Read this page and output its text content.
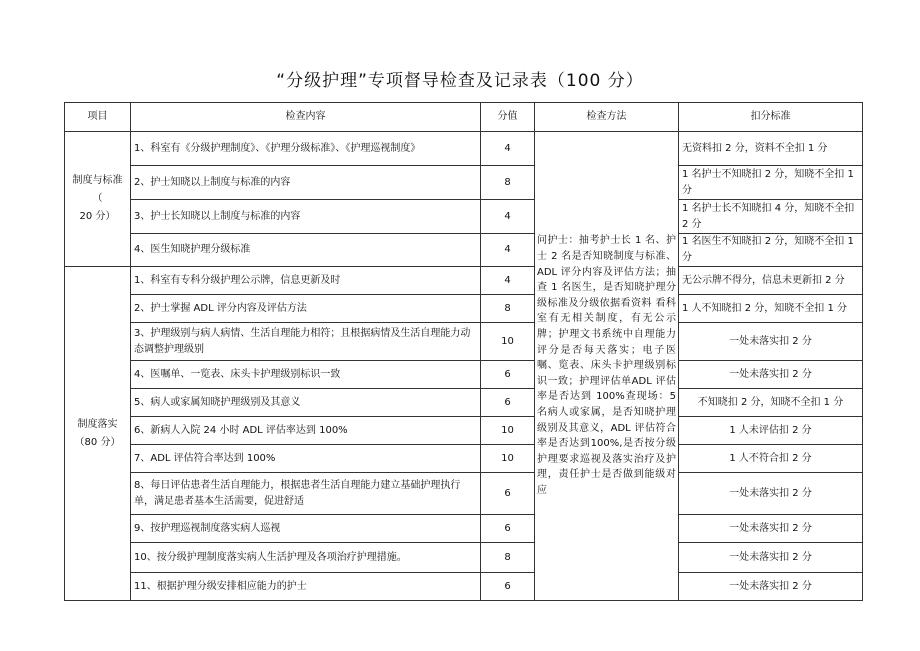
“分级护理”专项督导检查及记录表（100 分）
项目	检查内容	分值	检查方法	扣分标准
制度与标准（
20 分）	1、科室有《分级护理制度》、《护理分级标准》、《护理巡视制度》	4	问护士：抽考护士长 1 名、护士 2 名是否知晓制度与标准、ADL 评分内容及评估方法；抽查 1 名医生，是否知晓护理分级标准及分级依据看资料 看科室有无相关制度，有无公示牌；护理文书系统中自理能力评分是否每天落实；电子医嘱、览表、床头卡护理级别标识一致；护理评估单ADL 评估率是否达到 100%查现场：5 名病人或家属，是否知晓护理级别及其意义，ADL 评估符合率是否达到100%,是否按分级护理要求巡视及落实治疗及护理，责任护士是否做到能级对应	无资料扣 2 分，资料不全扣 1 分
	2、护士知晓以上制度与标准的内容	8		1 名护士不知晓扣 2 分，知晓不全扣 1 分
	3、护士长知晓以上制度与标准的内容	4		1 名护士长不知晓扣 4 分，知晓不全扣 2 分
	4、医生知晓护理分级标准	4		1 名医生不知晓扣 2 分，知晓不全扣 1 分
制度落实
（80 分）	1、科室有专科分级护理公示牌，信息更新及时	4		无公示牌不得分，信息未更新扣 2 分
	2、护士掌握 ADL 评分内容及评估方法	8		1 人不知晓扣 2 分，知晓不全扣 1 分
	3、护理级别与病人病情、生活自理能力相符；且根据病情及生活自理能力动态调整护理级别	10		一处未落实扣 2 分
	4、医嘱单、一览表、床头卡护理级别标识一致	6		一处未落实扣 2 分
	5、病人或家属知晓护理级别及其意义	6		不知晓扣 2 分，知晓不全扣 1 分
	6、新病人入院 24 小时 ADL 评估率达到 100%	10		1 人未评估扣 2 分
	7、ADL 评估符合率达到 100%	10		1 人不符合扣 2 分
	8、每日评估患者生活自理能力，根据患者生活自理能力建立基础护理执行单，满足患者基本生活需要，促进舒适	6		一处未落实扣 2 分
	9、按护理巡视制度落实病人巡视	6		一处未落实扣 2 分
	10、按分级护理制度落实病人生活护理及各项治疗护理措施。	8		一处未落实扣 2 分
	11、根据护理分级安排相应能力的护士	6		一处未落实扣 2 分
